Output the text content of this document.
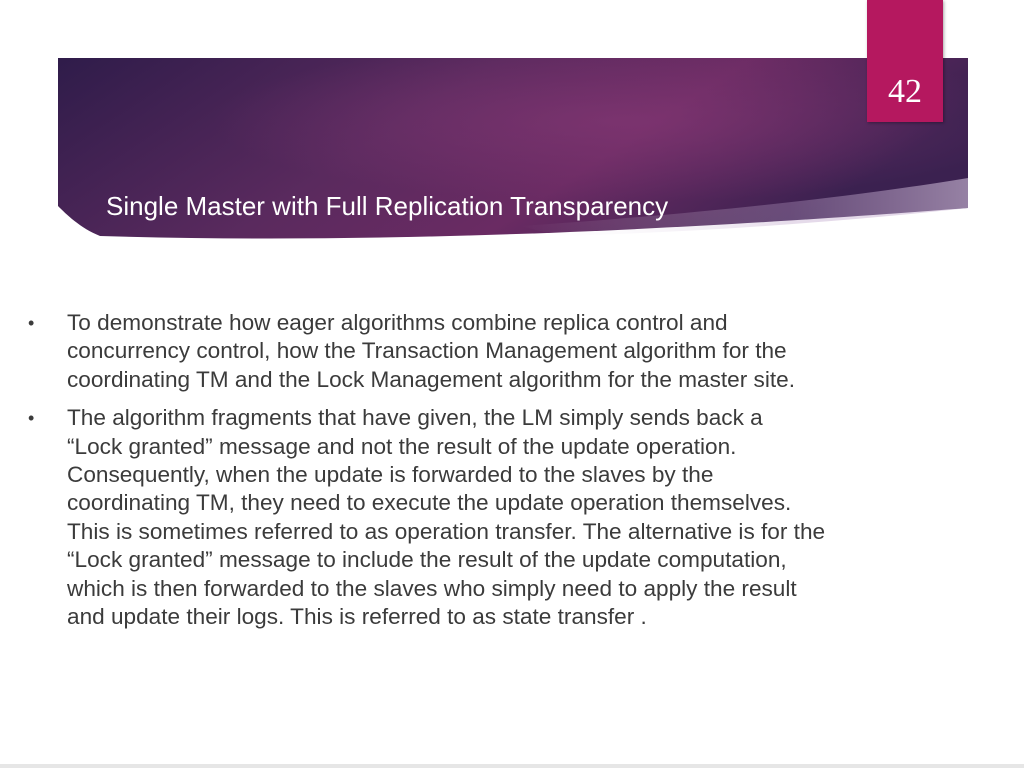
42
Single Master with Full Replication Transparency
•	To demonstrate how eager algorithms combine replica control and
concurrency control, how the Transaction Management algorithm for the
coordinating TM and the Lock Management algorithm for the master site.
•	The algorithm fragments that have given, the LM simply sends back a
“Lock granted” message and not the result of the update operation.
Consequently, when the update is forwarded to the slaves by the
coordinating TM, they need to execute the update operation themselves.
This is sometimes referred to as operation transfer. The alternative is for the
“Lock granted” message to include the result of the update computation,
which is then forwarded to the slaves who simply need to apply the result
and update their logs. This is referred to as state transfer .
